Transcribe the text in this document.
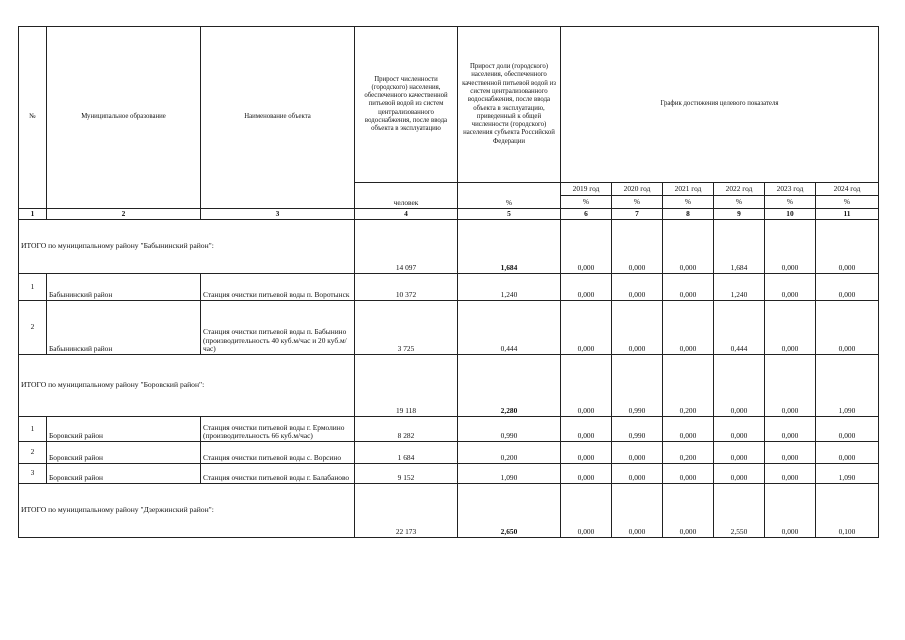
№	Муниципальное образование	Наименование объекта	Прирост численности (городского) населения, обеспеченного качественной питьевой водой из систем централизованного водоснабжения, после ввода объекта в эксплуатацию	Прирост доли (городского) населения, обеспеченного качественной питьевой водой из систем централизованного водоснабжения, после ввода объекта в эксплуатацию, приведенный к общей численности (городского) населения субъекта Российской Федерации	График достижения целевого показателя					
			человек	%	2019 год	2020 год	2021 год	2022 год	2023 год	2024 год
					%	%	%	%	%	%
1	2	3	4	5	6	7	8	9	10	11
ИТОГО по муниципальному району "Бабынинский район":			14 097	1,684	0,000	0,000	0,000	1,684	0,000	0,000
1	Бабынинский район	Станция очистки питьевой воды п. Воротынск	10 372	1,240	0,000	0,000	0,000	1,240	0,000	0,000
2	Бабынинский район	Станция очистки питьевой воды п. Бабынино (производительность 40 куб.м/час и 20 куб.м/час)	3 725	0,444	0,000	0,000	0,000	0,444	0,000	0,000
ИТОГО по муниципальному району "Боровский район":			19 118	2,280	0,000	0,990	0,200	0,000	0,000	1,090
1	Боровский район	Станция очистки питьевой воды г. Ермолино (производительность 66 куб.м/час)	8 282	0,990	0,000	0,990	0,000	0,000	0,000	0,000
2	Боровский район	Станция очистки питьевой воды с. Ворсино	1 684	0,200	0,000	0,000	0,200	0,000	0,000	0,000
3	Боровский район	Станция очистки питьевой воды г. Балабаново	9 152	1,090	0,000	0,000	0,000	0,000	0,000	1,090
ИТОГО по муниципальному району "Дзержинский район":			22 173	2,650	0,000	0,000	0,000	2,550	0,000	0,100
